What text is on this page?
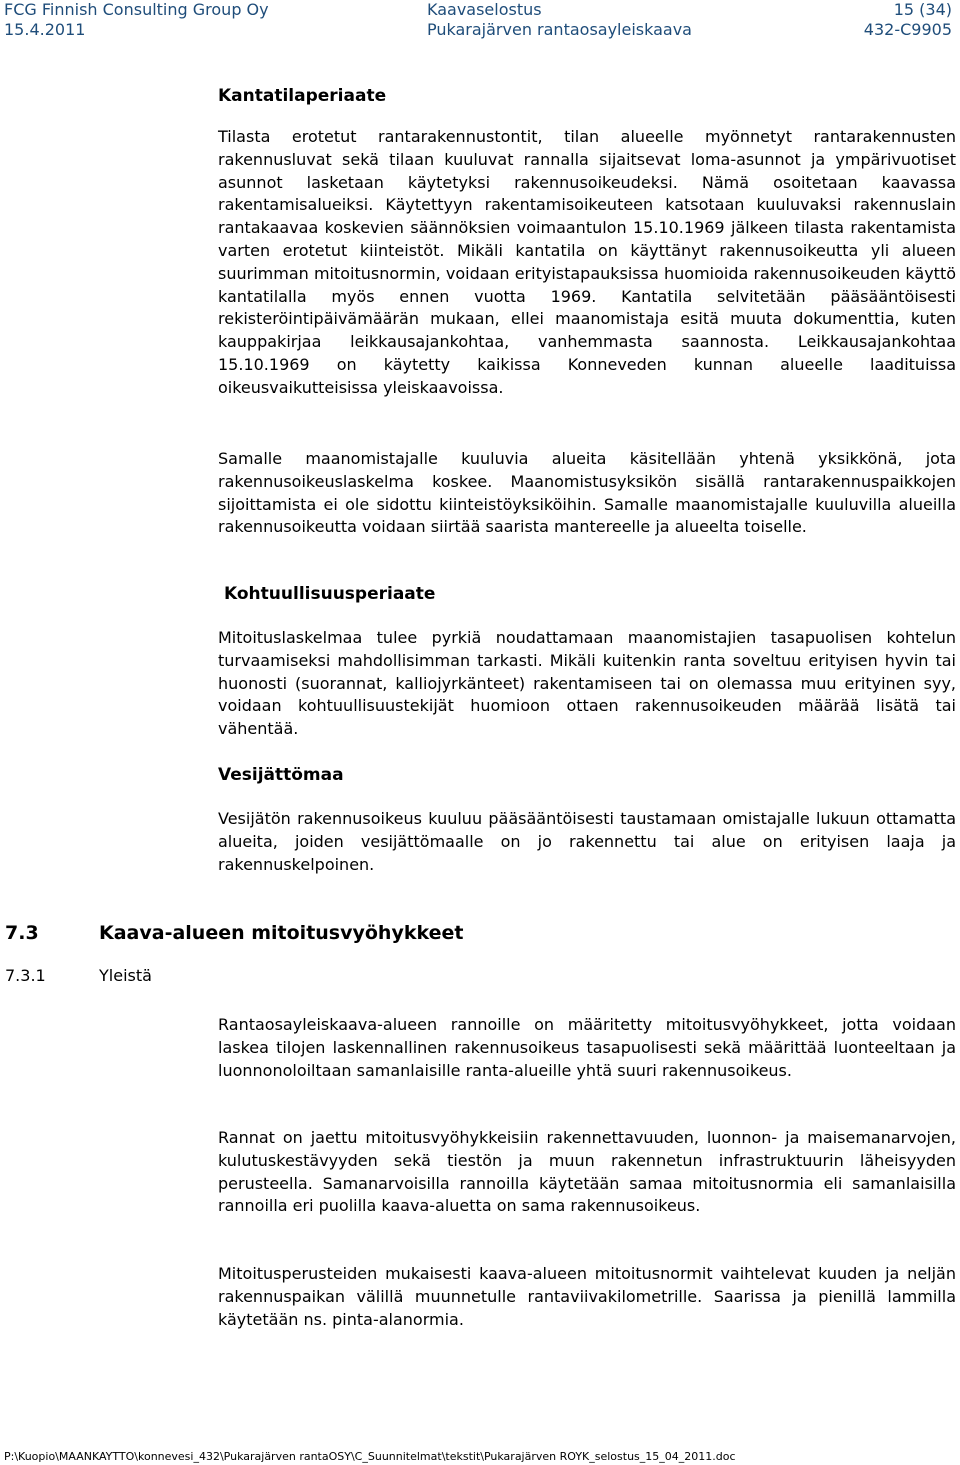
FCG Finnish Consulting Group Oy	Kaavaselostus	15 (34)
15.4.2011	Pukarajärven rantaosayleiskaava	432-C9905
Kantatilaperiaate

Tilasta erotetut rantarakennustontit, tilan alueelle myönnetyt rantarakennusten rakennusluvat sekä tilaan kuuluvat rannalla sijaitsevat loma-asunnot ja ympärivuotiset asunnot lasketaan käytetyksi rakennusoikeudeksi. Nämä osoitetaan kaavassa rakentamisalueiksi. Käytettyyn rakentamisoikeuteen katsotaan kuuluvaksi rakennuslain rantakaavaa koskevien säännöksien voimaantulon 15.10.1969 jälkeen tilasta rakentamista varten erotetut kiinteistöt. Mikäli kantatila on käyttänyt rakennusoikeutta yli alueen suurimman mitoitusnormin, voidaan erityistapauksissa huomioida rakennusoikeuden käyttö kantatilalla myös ennen vuotta 1969. Kantatila selvitetään pääsääntöisesti rekisteröintipäivämäärän mukaan, ellei maanomistaja esitä muuta dokumenttia, kuten kauppakirjaa leikkausajankohtaa, vanhemmasta saannosta. Leikkausajankohtaa 15.10.1969 on käytetty kaikissa Konneveden kunnan alueelle laadituissa oikeusvaikutteisissa yleiskaavoissa.

Samalle maanomistajalle kuuluvia alueita käsitellään yhtenä yksikkönä, jota rakennusoikeuslaskelma koskee. Maanomistusyksikön sisällä rantarakennuspaikkojen sijoittamista ei ole sidottu kiinteistöyksiköihin. Samalle maanomistajalle kuuluvilla alueilla rakennusoikeutta voidaan siirtää saarista mantereelle ja alueelta toiselle.

Kohtuullisuusperiaate

Mitoituslaskelmaa tulee pyrkiä noudattamaan maanomistajien tasapuolisen kohtelun turvaamiseksi mahdollisimman tarkasti. Mikäli kuitenkin ranta soveltuu erityisen hyvin tai huonosti (suorannat, kalliojyrkänteet) rakentamiseen tai on olemassa muu erityinen syy, voidaan kohtuullisuustekijät huomioon ottaen rakennusoikeuden määrää lisätä tai vähentää.

Vesijättömaa

Vesijätön rakennusoikeus kuuluu pääsääntöisesti taustamaan omistajalle lukuun ottamatta alueita, joiden vesijättömaalle on jo rakennettu tai alue on erityisen laaja ja rakennuskelpoinen.

7.3	Kaava-alueen mitoitusvyöhykkeet
7.3.1	Yleistä

Rantaosayleiskaava-alueen rannoille on määritetty mitoitusvyöhykkeet, jotta voidaan laskea tilojen laskennallinen rakennusoikeus tasapuolisesti sekä määrittää luonteeltaan ja luonnonoloiltaan samanlaisille ranta-alueille yhtä suuri rakennusoikeus.

Rannat on jaettu mitoitusvyöhykkeisiin rakennettavuuden, luonnon- ja maisemanarvojen, kulutuskestävyyden sekä tiestön ja muun rakennetun infrastruktuurin läheisyyden perusteella. Samanarvoisilla rannoilla käytetään samaa mitoitusnormia eli samanlaisilla rannoilla eri puolilla kaava-aluetta on sama rakennusoikeus.

Mitoitusperusteiden mukaisesti kaava-alueen mitoitusnormit vaihtelevat kuuden ja neljän rakennuspaikan välillä muunnetulle rantaviivakilometrille. Saarissa ja pienillä lammilla käytetään ns. pinta-alanormia.

P:\Kuopio\MAANKAYTTO\konnevesi_432\Pukarajärven rantaOSY\C_Suunnitelmat\tekstit\Pukarajärven ROYK_selostus_15_04_2011.doc
